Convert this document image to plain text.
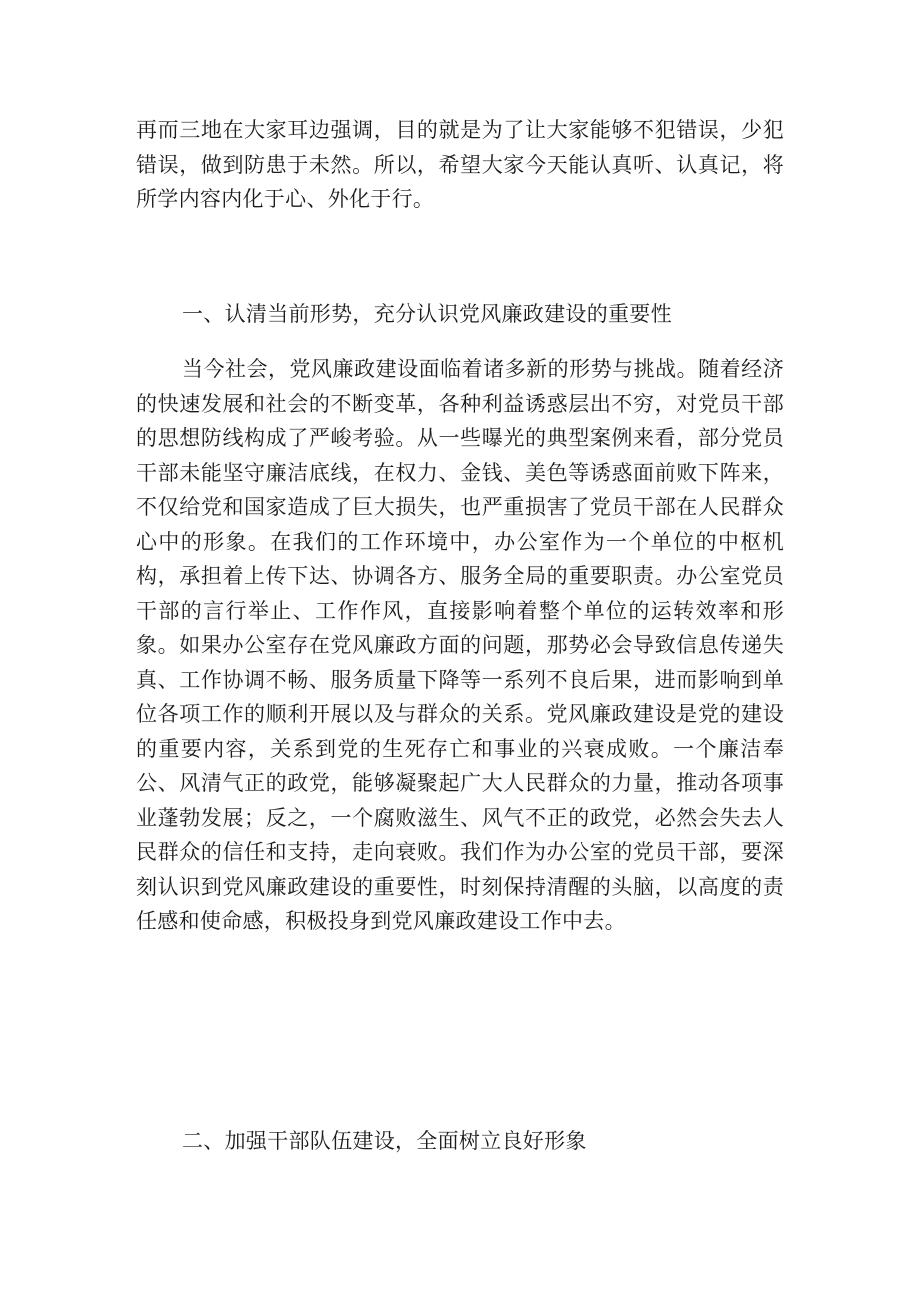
再而三地在大家耳边强调，目的就是为了让大家能够不犯错误，少犯错误，做到防患于未然。所以，希望大家今天能认真听、认真记，将所学内容内化于心、外化于行。

一、认清当前形势，充分认识党风廉政建设的重要性

当今社会，党风廉政建设面临着诸多新的形势与挑战。随着经济的快速发展和社会的不断变革，各种利益诱惑层出不穷，对党员干部的思想防线构成了严峻考验。从一些曝光的典型案例来看，部分党员干部未能坚守廉洁底线，在权力、金钱、美色等诱惑面前败下阵来，不仅给党和国家造成了巨大损失，也严重损害了党员干部在人民群众心中的形象。在我们的工作环境中，办公室作为一个单位的中枢机构，承担着上传下达、协调各方、服务全局的重要职责。办公室党员干部的言行举止、工作作风，直接影响着整个单位的运转效率和形象。如果办公室存在党风廉政方面的问题，那势必会导致信息传递失真、工作协调不畅、服务质量下降等一系列不良后果，进而影响到单位各项工作的顺利开展以及与群众的关系。党风廉政建设是党的建设的重要内容，关系到党的生死存亡和事业的兴衰成败。一个廉洁奉公、风清气正的政党，能够凝聚起广大人民群众的力量，推动各项事业蓬勃发展；反之，一个腐败滋生、风气不正的政党，必然会失去人民群众的信任和支持，走向衰败。我们作为办公室的党员干部，要深刻认识到党风廉政建设的重要性，时刻保持清醒的头脑，以高度的责任感和使命感，积极投身到党风廉政建设工作中去。

二、加强干部队伍建设，全面树立良好形象
